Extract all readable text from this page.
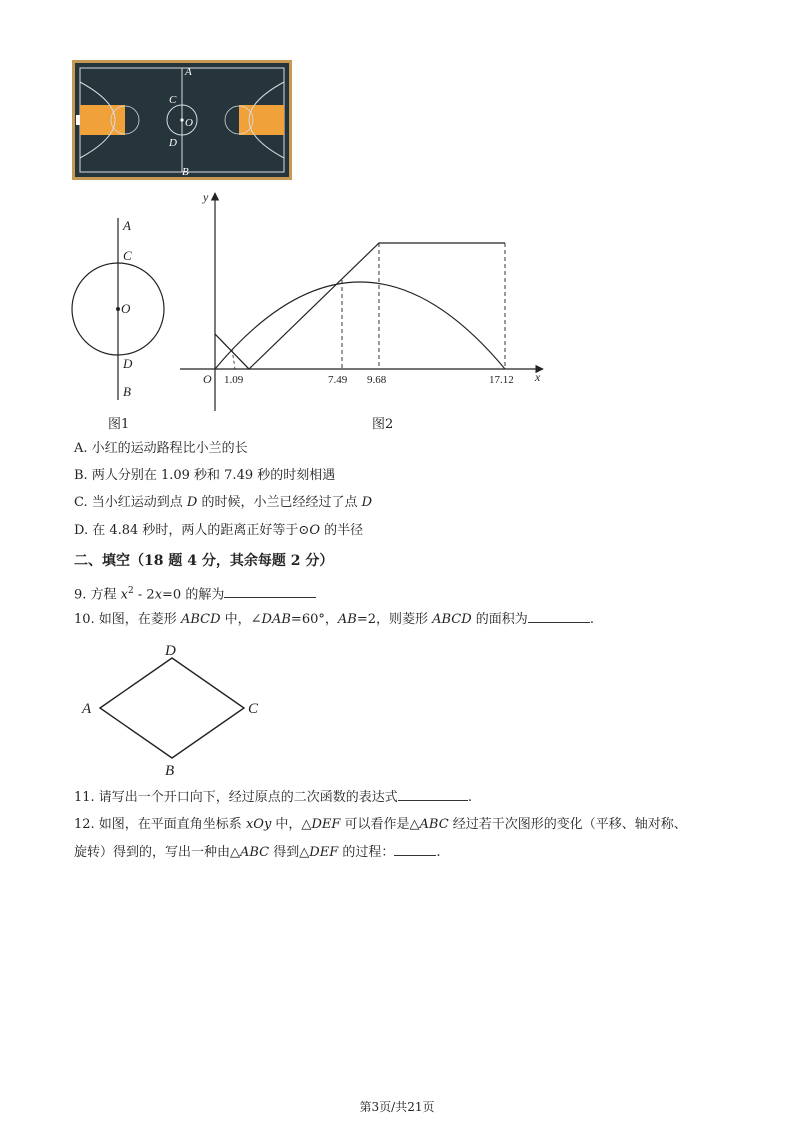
A
C
O
D
B
A
C
O
D
B
图1
y
x
O 1.09	7.49 9.68	17.12
图2
A. 小红的运动路程比小兰的长
B. 两人分别在 1.09 秒和 7.49 秒的时刻相遇
C. 当小红运动到点 D 的时候，小兰已经经过了点 D
D. 在 4.84 秒时，两人的距离正好等于⊙O 的半径
二、填空（18 题 4 分，其余每题 2 分）
9. 方程 $x^2 - 2x=0$ 的解为
10. 如图，在菱形 ABCD 中，∠DAB=60°，AB=2，则菱形 ABCD 的面积为	.
A
D
C
B
11. 请写出一个开口向下，经过原点的二次函数的表达式	.
12. 如图，在平面直角坐标系 xOy 中，△DEF 可以看作是△ABC 经过若干次图形的变化（平移、轴对称、
旋转）得到的，写出一种由△ABC 得到△DEF 的过程：	.
第3页/共21页
